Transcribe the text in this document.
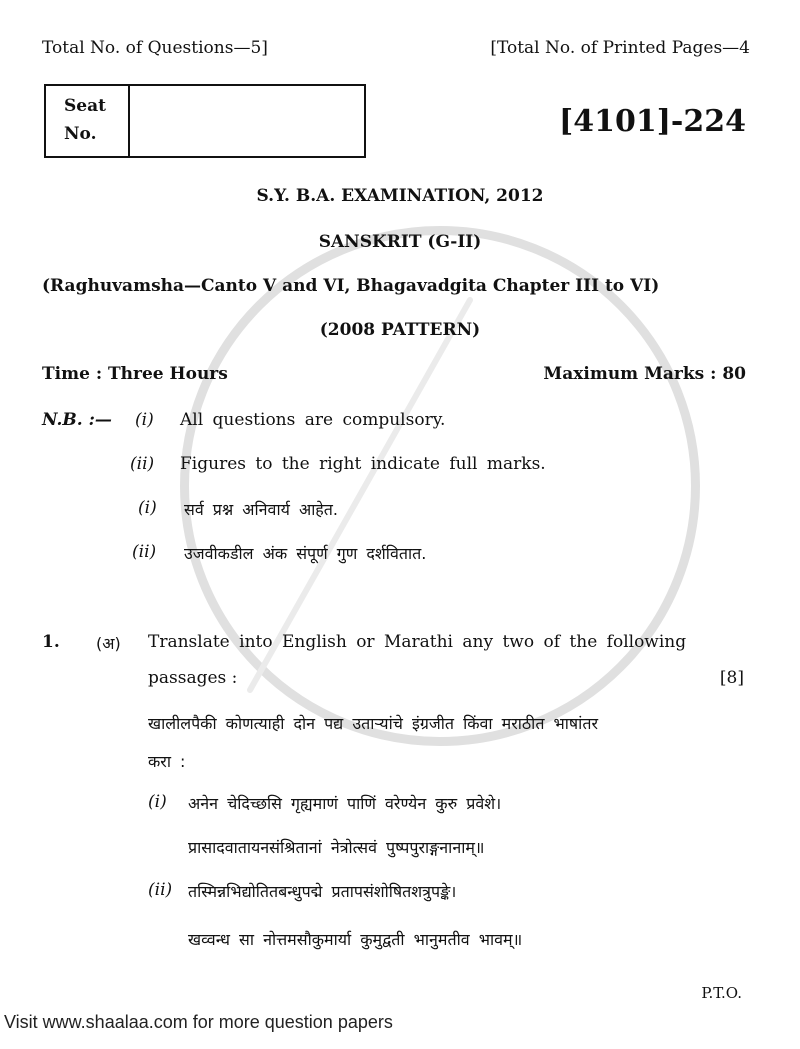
Total No. of Questions—5]	[Total No. of Printed Pages—4
Seat No.	[4101]-224
S.Y. B.A. EXAMINATION, 2012
SANSKRIT (G-II)
(Raghuvamsha—Canto V and VI, Bhagavadgita Chapter III to VI)
(2008 PATTERN)
Time : Three Hours	Maximum Marks : 80
N.B. :— (i) All questions are compulsory.
(ii) Figures to the right indicate full marks.
(i) सर्व प्रश्न अनिवार्य आहेत.
(ii) उजवीकडील अंक संपूर्ण गुण दर्शवितात.
1. (अ) Translate into English or Marathi any two of the following
passages :	[8]
खालीलपैकी कोणत्याही दोन पद्य उताऱ्यांचे इंग्रजीत किंवा मराठीत भाषांतर
करा :
(i) अनेन चेदिच्छसि गृह्यमाणं पाणिं वरेण्येन कुरु प्रवेशे।
प्रासादवातायनसंश्रितानां नेत्रोत्सवं पुष्पपुराङ्गनानाम्॥
(ii) तस्मिन्नभिद्योतितबन्धुपद्मे प्रतापसंशोषितशत्रुपङ्के।
खव्वन्ध सा नोत्तमसौकुमार्या कुमुद्वती भानुमतीव भावम्॥
P.T.O.
Visit www.shaalaa.com for more question papers
